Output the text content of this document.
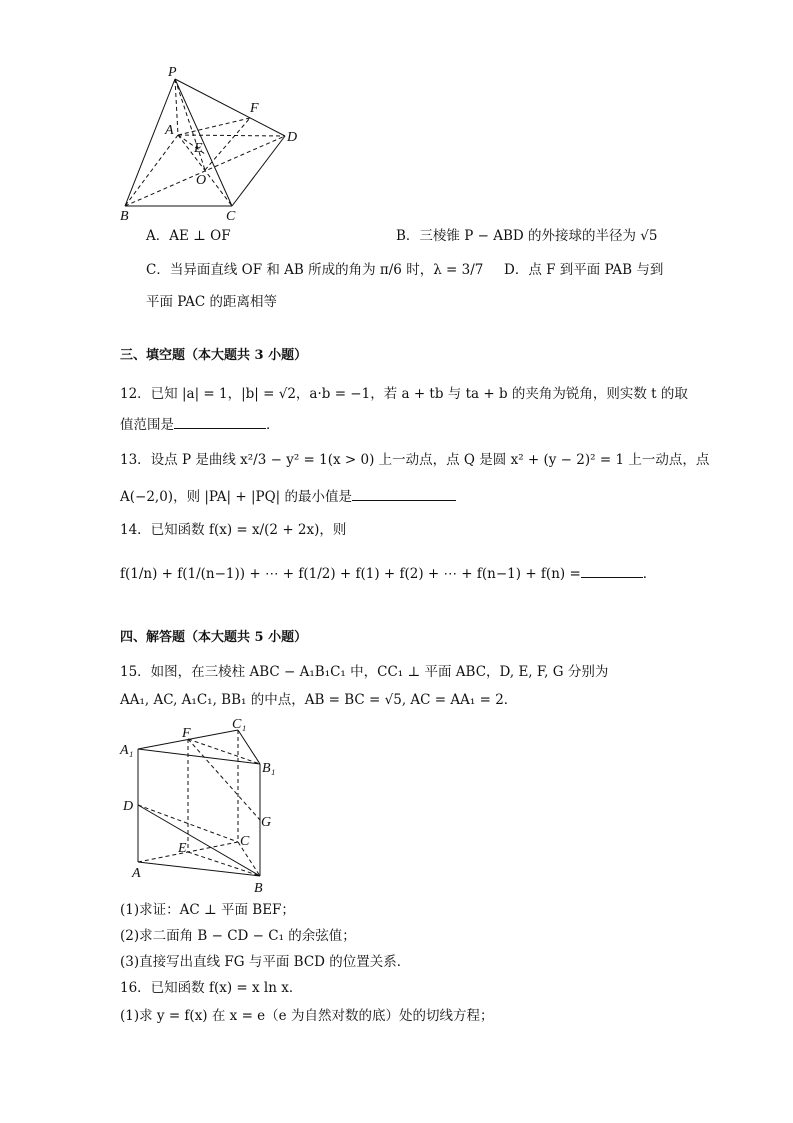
P
A
F
D
E
O
B	C
A．AE ⊥ OF	B．三棱锥 P − ABD 的外接球的半径为 √5
C．当异面直线 OF 和 AB 所成的角为 π/6 时，λ = 3/7 D．点 F 到平面 PAB 与到
平面 PAC 的距离相等
三、填空题（本大题共 3 小题）
12．已知 |a| = 1，|b| = √2，a·b = −1，若 a + tb 与 ta + b 的夹角为锐角，则实数 t 的取
值范围是	．
13．设点 P 是曲线 x²/3 − y² = 1(x > 0) 上一动点，点 Q 是圆 x² + (y − 2)² = 1 上一动点，点
A(−2,0)，则 |PA| + |PQ| 的最小值是
14．已知函数 f(x) = x/(2 + 2x)，则
f(1/n) + f(1/(n−1)) + ⋯ + f(1/2) + f(1) + f(2) + ⋯ + f(n−1) + f(n) =	．
四、解答题（本大题共 5 小题）
15．如图，在三棱柱 ABC − A₁B₁C₁ 中，CC₁ ⊥ 平面 ABC，D, E, F, G 分别为
AA₁, AC, A₁C₁, BB₁ 的中点，AB = BC = √5, AC = AA₁ = 2．
C₁
F
A₁
B₁
D
G
C
E
A
B
(1)求证：AC ⊥ 平面 BEF；
(2)求二面角 B − CD − C₁ 的余弦值；
(3)直接写出直线 FG 与平面 BCD 的位置关系．
16．已知函数 f(x) = x ln x．
(1)求 y = f(x) 在 x = e（e 为自然对数的底）处的切线方程；
